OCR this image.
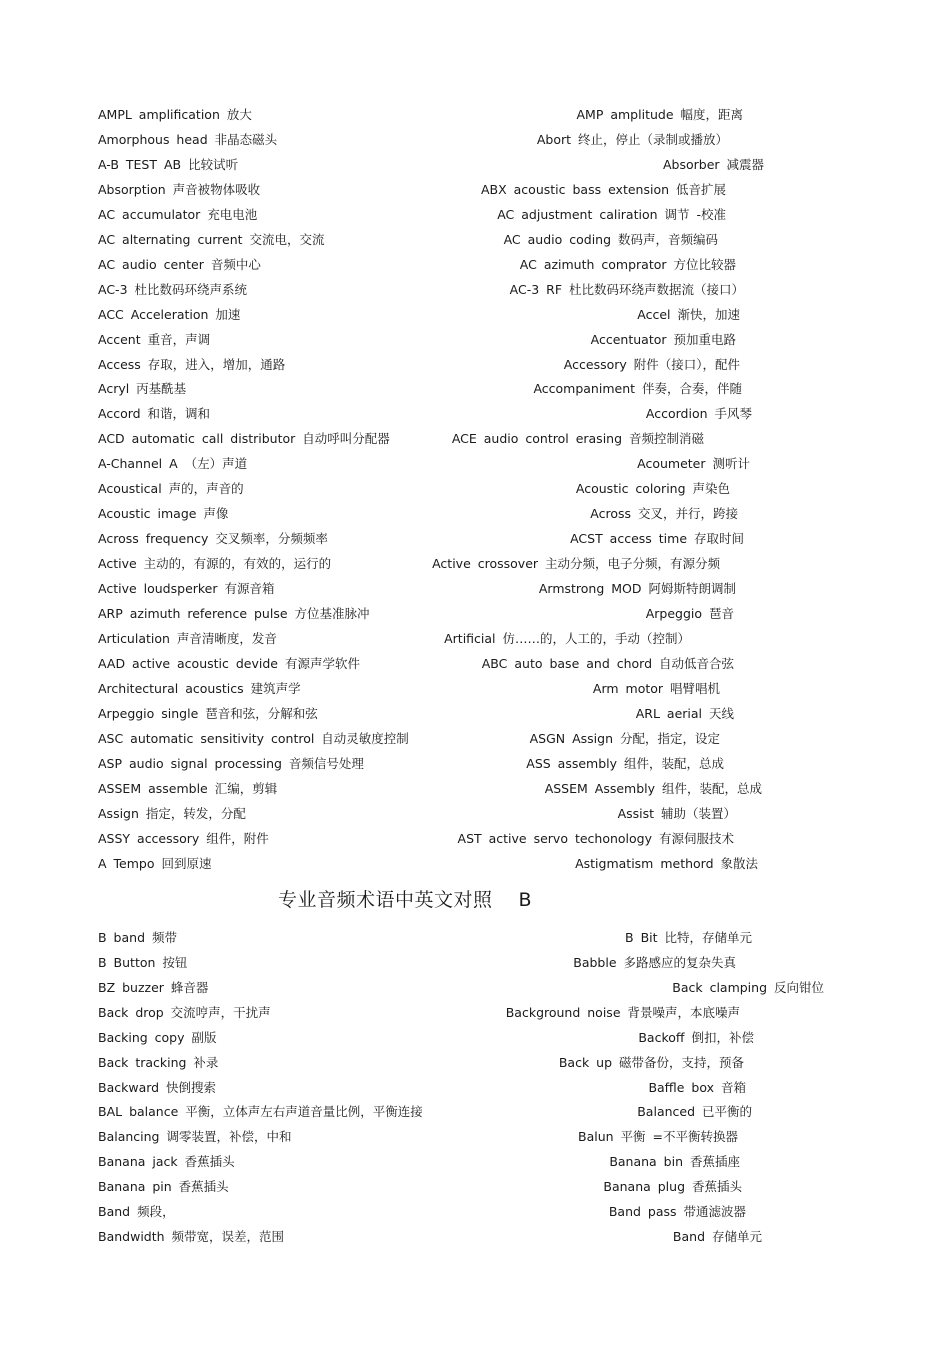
AMPL amplification 放大	AMP amplitude 幅度，距离
Amorphous head 非晶态磁头	Abort 终止，停止（录制或播放）
A-B TEST AB 比较试听	Absorber 减震器
Absorption 声音被物体吸收	ABX acoustic bass extension 低音扩展
AC accumulator 充电电池	AC adjustment caliration 调节 -校准
AC alternating current 交流电，交流	AC audio coding 数码声，音频编码
AC audio center 音频中心	AC azimuth comprator 方位比较器
AC-3 杜比数码环绕声系统	AC-3 RF 杜比数码环绕声数据流（接口）
ACC Acceleration 加速	Accel 渐快，加速
Accent 重音，声调	Accentuator 预加重电路
Access 存取，进入，增加，通路	Accessory 附件（接口），配件
Acryl 丙基酰基	Accompaniment 伴奏，合奏，伴随
Accord 和谐，调和	Accordion 手风琴
ACD automatic call distributor 自动呼叫分配器	ACE audio control erasing 音频控制消磁
A-Channel A （左）声道	Acoumeter 测听计
Acoustical 声的，声音的	Acoustic coloring 声染色
Acoustic image 声像	Across 交叉，并行，跨接
Across frequency 交叉频率，分频频率	ACST access time 存取时间
Active 主动的，有源的，有效的，运行的	Active crossover 主动分频，电子分频，有源分频
Active loudsperker 有源音箱	Armstrong MOD 阿姆斯特朗调制
ARP azimuth reference pulse 方位基准脉冲	Arpeggio 琶音
Articulation 声音清晰度，发音	Artificial 仿……的，人工的，手动（控制）
AAD active acoustic devide 有源声学软件	ABC auto base and chord 自动低音合弦
Architectural acoustics 建筑声学	Arm motor 唱臂唱机
Arpeggio single 琶音和弦，分解和弦	ARL aerial 天线
ASC automatic sensitivity control 自动灵敏度控制	ASGN Assign 分配，指定，设定
ASP audio signal processing 音频信号处理	ASS assembly 组件，装配，总成
ASSEM assemble 汇编，剪辑	ASSEM Assembly 组件，装配，总成
Assign 指定，转发，分配	Assist 辅助（装置）
ASSY accessory 组件，附件	AST active servo techonology 有源伺服技术
A Tempo 回到原速	Astigmatism methord 象散法
专业音频术语中英文对照 B
B band 频带	B Bit 比特，存储单元
B Button 按钮	Babble 多路感应的复杂失真
BZ buzzer 蜂音器	Back clamping 反向钳位
Back drop 交流哼声，干扰声	Background noise 背景噪声，本底噪声
Backing copy 副版	Backoff 倒扣，补偿
Back tracking 补录	Back up 磁带备份，支持，预备
Backward 快倒搜索	Baffle box 音箱
BAL balance 平衡，立体声左右声道音量比例，平衡连接	Balanced 已平衡的
Balancing 调零装置，补偿，中和	Balun 平衡 =不平衡转换器
Banana jack 香蕉插头	Banana bin 香蕉插座
Banana pin 香蕉插头	Banana plug 香蕉插头
Band 频段，	Band pass 带通滤波器
Bandwidth 频带宽，误差，范围	Band 存储单元
